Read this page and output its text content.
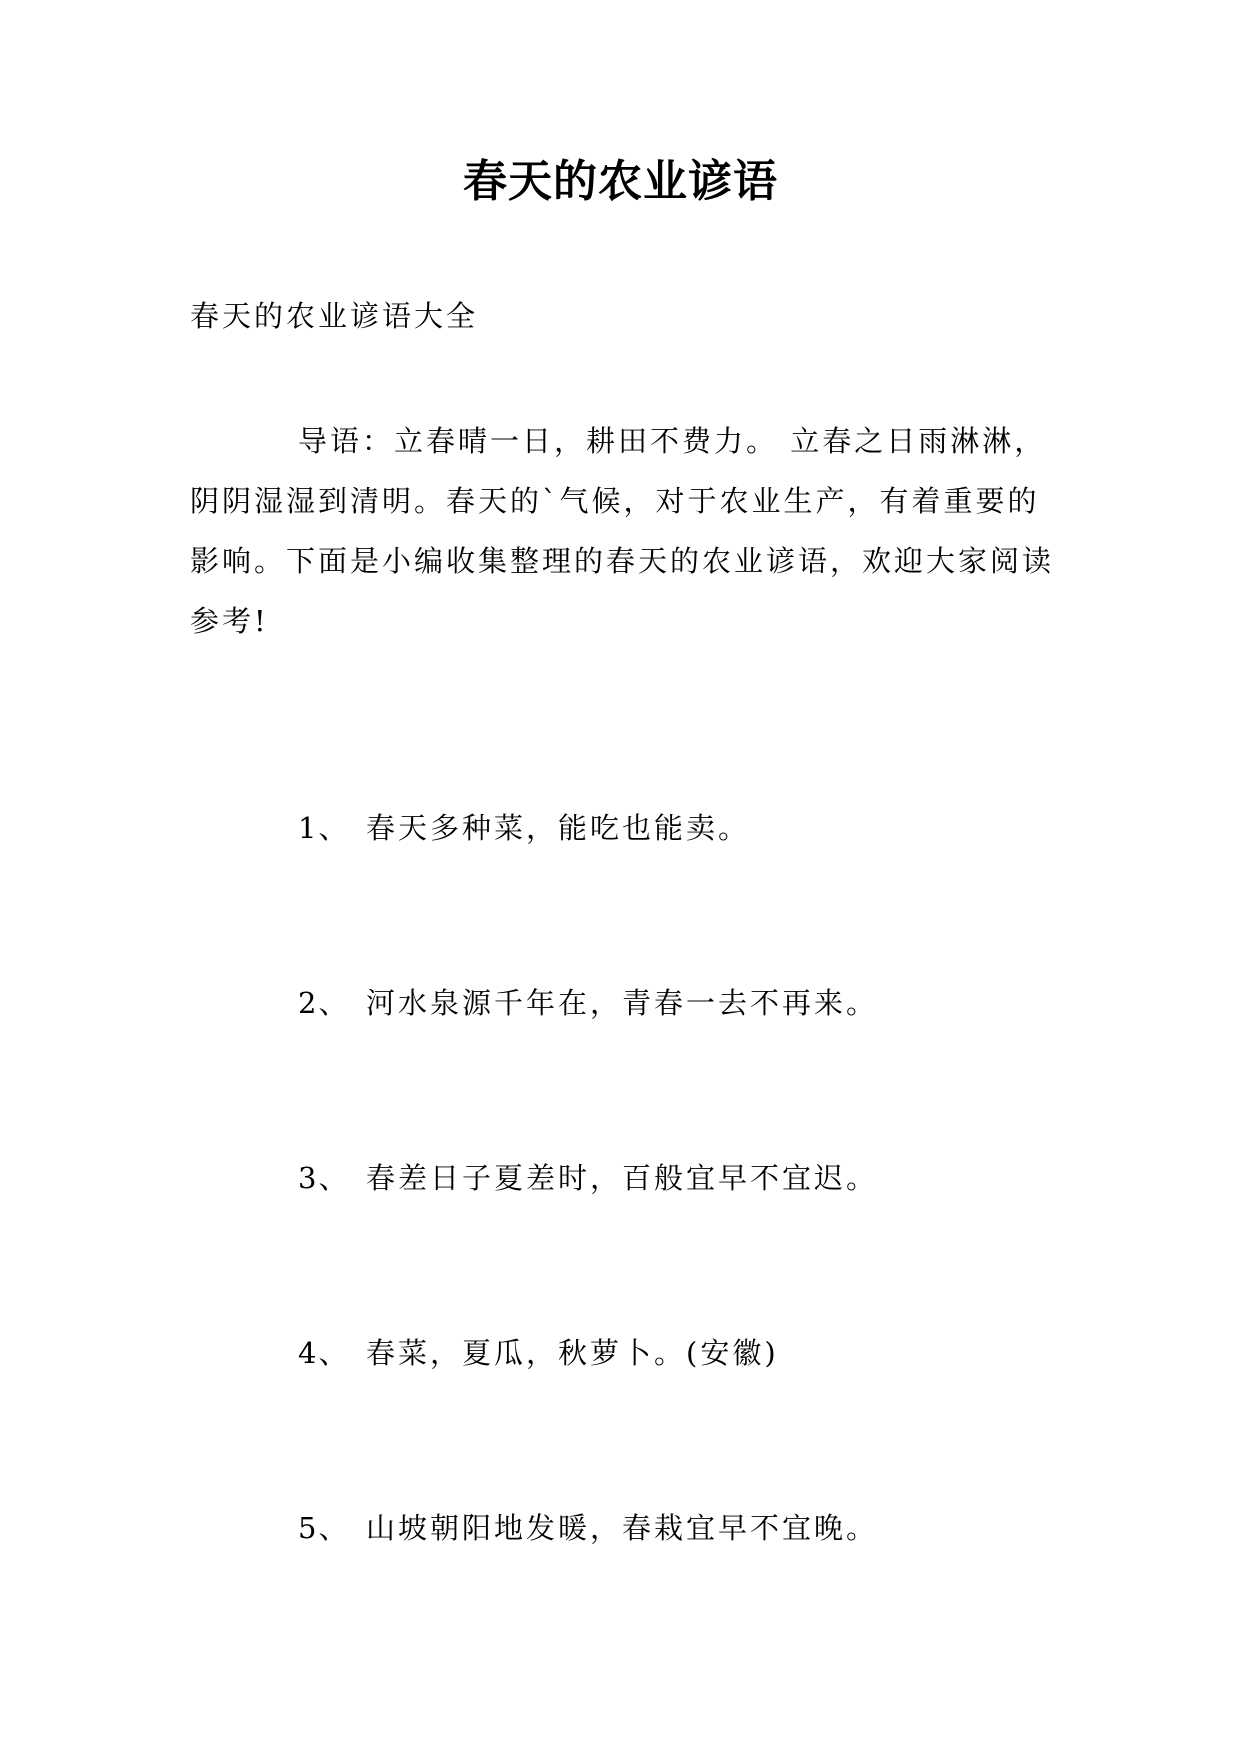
春天的农业谚语
春天的农业谚语大全

导语：立春晴一日，耕田不费力。 立春之日雨淋淋，阴阴湿湿到清明。春天的`气候，对于农业生产，有着重要的影响。下面是小编收集整理的春天的农业谚语，欢迎大家阅读参考!

1、 春天多种菜，能吃也能卖。
2、 河水泉源千年在，青春一去不再来。
3、 春差日子夏差时，百般宜早不宜迟。
4、 春菜，夏瓜，秋萝卜。(安徽)
5、 山坡朝阳地发暖，春栽宜早不宜晚。
